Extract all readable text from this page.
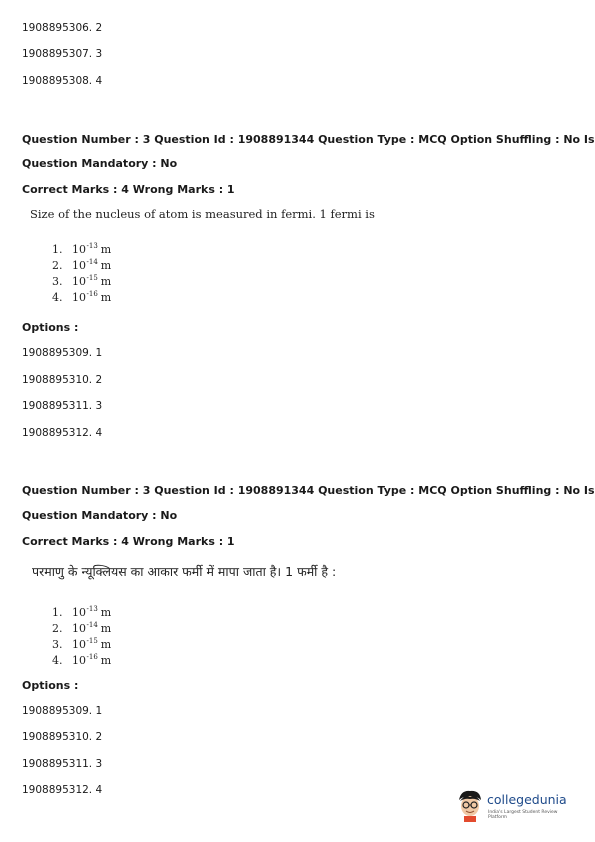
1908895306. 2
1908895307. 3
1908895308. 4
Question Number : 3 Question Id : 1908891344 Question Type : MCQ Option Shuffling : No Is
Question Mandatory : No
Correct Marks : 4 Wrong Marks : 1
Size of the nucleus of atom is measured in fermi. 1 fermi is
1. $10^{-13}$ m
2. $10^{-14}$ m
3. $10^{-15}$ m
4. $10^{-16}$ m
Options :
1908895309. 1
1908895310. 2
1908895311. 3
1908895312. 4
Question Number : 3 Question Id : 1908891344 Question Type : MCQ Option Shuffling : No Is
Question Mandatory : No
Correct Marks : 4 Wrong Marks : 1
परमाणु के न्यूक्लियस का आकार फर्मी में मापा जाता है। 1 फर्मी है :
1. $10^{-13}$ m
2. $10^{-14}$ m
3. $10^{-15}$ m
4. $10^{-16}$ m
Options :
1908895309. 1
1908895310. 2
1908895311. 3
1908895312. 4
collegedunia
India's Largest Student Review Platform
